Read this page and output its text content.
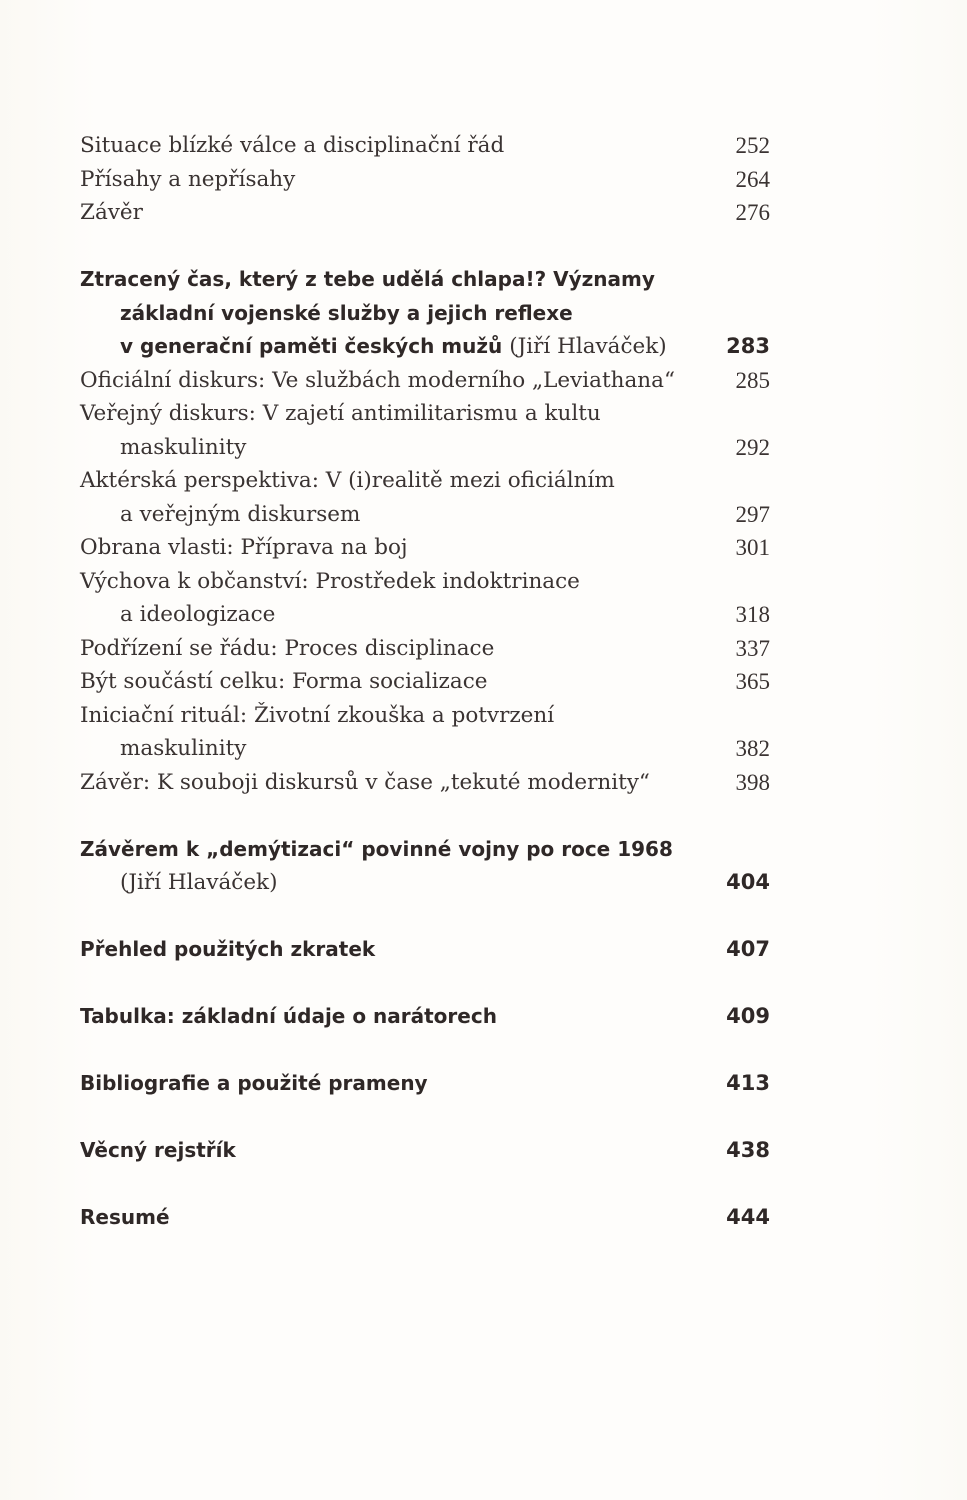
Situace blízké válce a disciplinační řád	252
Přísahy a nepřísahy	264
Závěr	276
Ztracený čas, který z tebe udělá chlapa!? Významy
základní vojenské služby a jejich reflexe
v generační paměti českých mužů (Jiří Hlaváček)	283
Oficiální diskurs: Ve službách moderního „Leviathana“	285
Veřejný diskurs: V zajetí antimilitarismu a kultu
maskulinity	292
Aktérská perspektiva: V (i)realitě mezi oficiálním
a veřejným diskursem	297
Obrana vlasti: Příprava na boj	301
Výchova k občanství: Prostředek indoktrinace
a ideologizace	318
Podřízení se řádu: Proces disciplinace	337
Být součástí celku: Forma socializace	365
Iniciační rituál: Životní zkouška a potvrzení
maskulinity	382
Závěr: K souboji diskursů v čase „tekuté modernity“	398
Závěrem k „demýtizaci“ povinné vojny po roce 1968
(Jiří Hlaváček)	404
Přehled použitých zkratek	407
Tabulka: základní údaje o narátorech	409
Bibliografie a použité prameny	413
Věcný rejstřík	438
Resumé	444
